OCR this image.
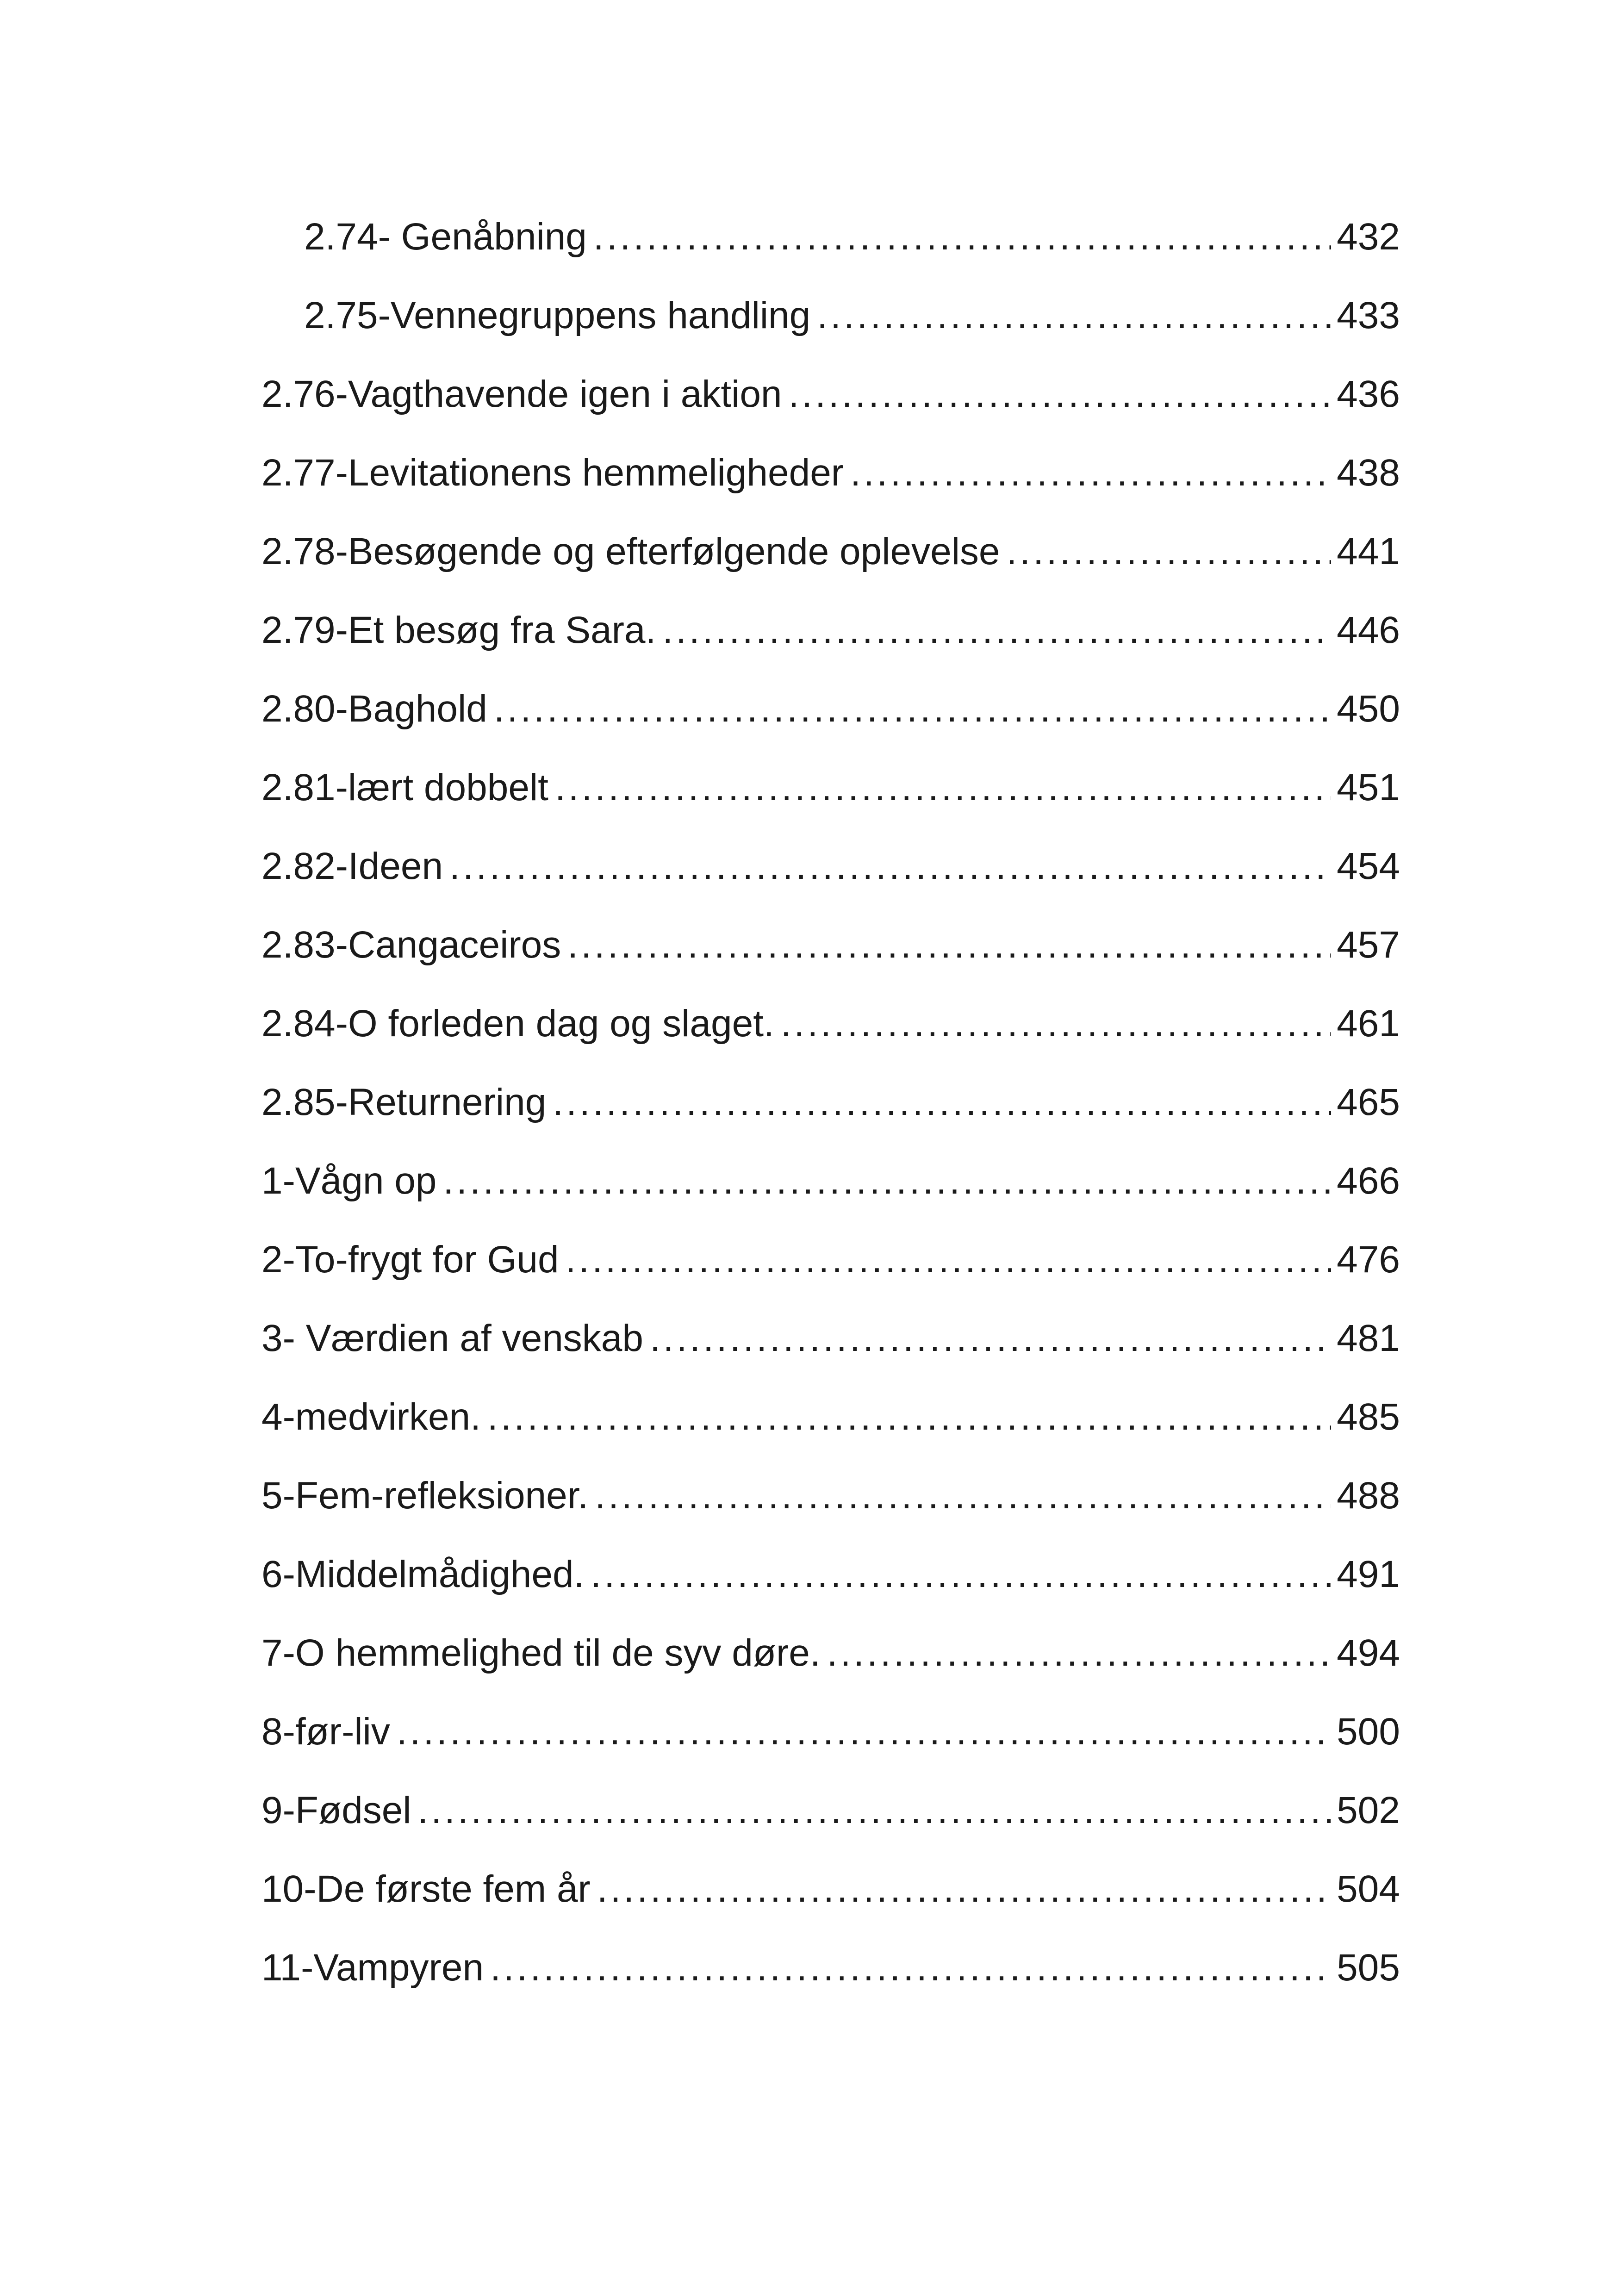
2.74- Genåbning .....	432
2.75-Vennegruppens handling .....	433
2.76-Vagthavende igen i aktion .....	436
2.77-Levitationens hemmeligheder .....	438
2.78-Besøgende og efterfølgende oplevelse .....	441
2.79-Et besøg fra Sara. .....	446
2.80-Baghold .....	450
2.81-lært dobbelt .....	451
2.82-Ideen .....	454
2.83-Cangaceiros .....	457
2.84-O forleden dag og slaget. .....	461
2.85-Returnering .....	465
1-Vågn op .....	466
2-To-frygt for Gud .....	476
3- Værdien af venskab .....	481
4-medvirken. .....	485
5-Fem-refleksioner. .....	488
6-Middelmådighed. .....	491
7-O hemmelighed til de syv døre. .....	494
8-før-liv .....	500
9-Fødsel .....	502
10-De første fem år .....	504
11-Vampyren .....	505
